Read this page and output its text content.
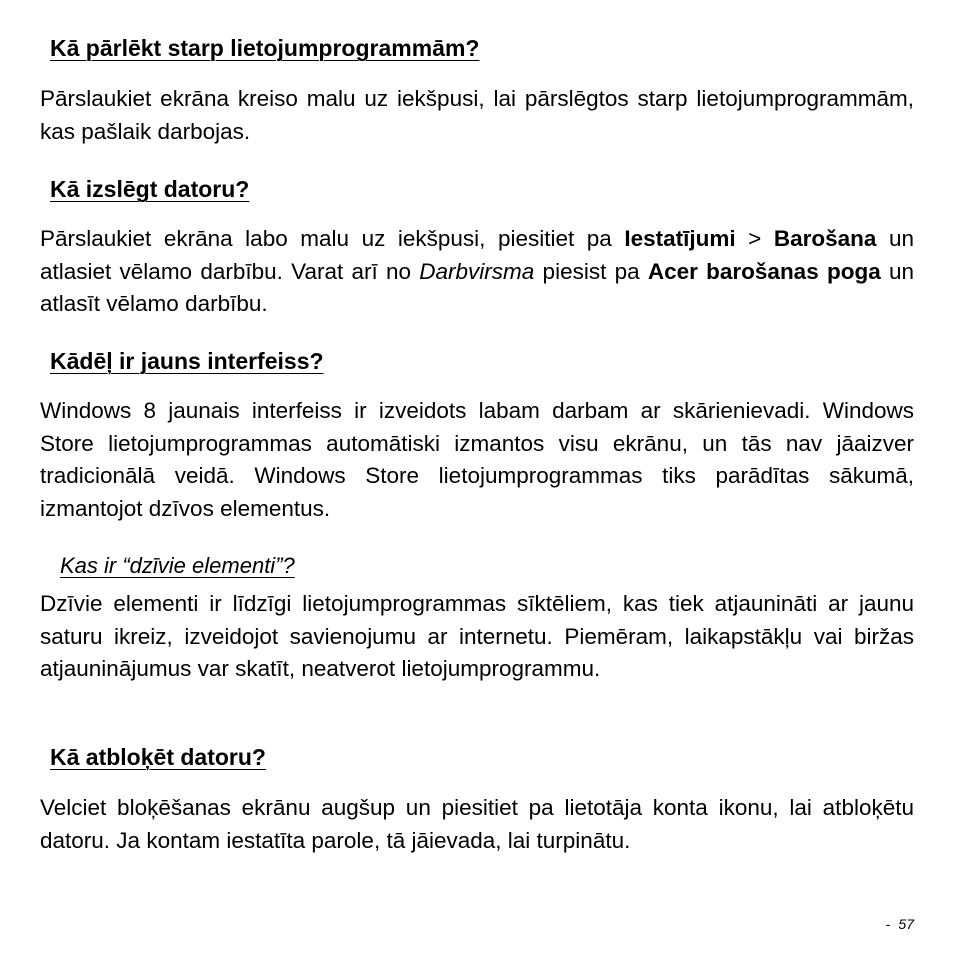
Kā pārlēkt starp lietojumprogrammām?

Pārslaukiet ekrāna kreiso malu uz iekšpusi, lai pārslēgtos starp lietojumprogrammām, kas pašlaik darbojas.

Kā izslēgt datoru?

Pārslaukiet ekrāna labo malu uz iekšpusi, piesitiet pa Iestatījumi > Barošana un atlasiet vēlamo darbību. Varat arī no Darbvirsma piesist pa Acer barošanas poga un atlasīt vēlamo darbību.

Kādēļ ir jauns interfeiss?

Windows 8 jaunais interfeiss ir izveidots labam darbam ar skārienievadi. Windows Store lietojumprogrammas automātiski izmantos visu ekrānu, un tās nav jāaizver tradicionālā veidā. Windows Store lietojumprogrammas tiks parādītas sākumā, izmantojot dzīvos elementus.

Kas ir “dzīvie elementi”?

Dzīvie elementi ir līdzīgi lietojumprogrammas sīktēliem, kas tiek atjaunināti ar jaunu saturu ikreiz, izveidojot savienojumu ar internetu. Piemēram, laikapstākļu vai biržas atjauninājumus var skatīt, neatverot lietojumprogrammu.

Kā atbloķēt datoru?

Velciet bloķēšanas ekrānu augšup un piesitiet pa lietotāja konta ikonu, lai atbloķētu datoru. Ja kontam iestatīta parole, tā jāievada, lai turpinātu.

- 57
